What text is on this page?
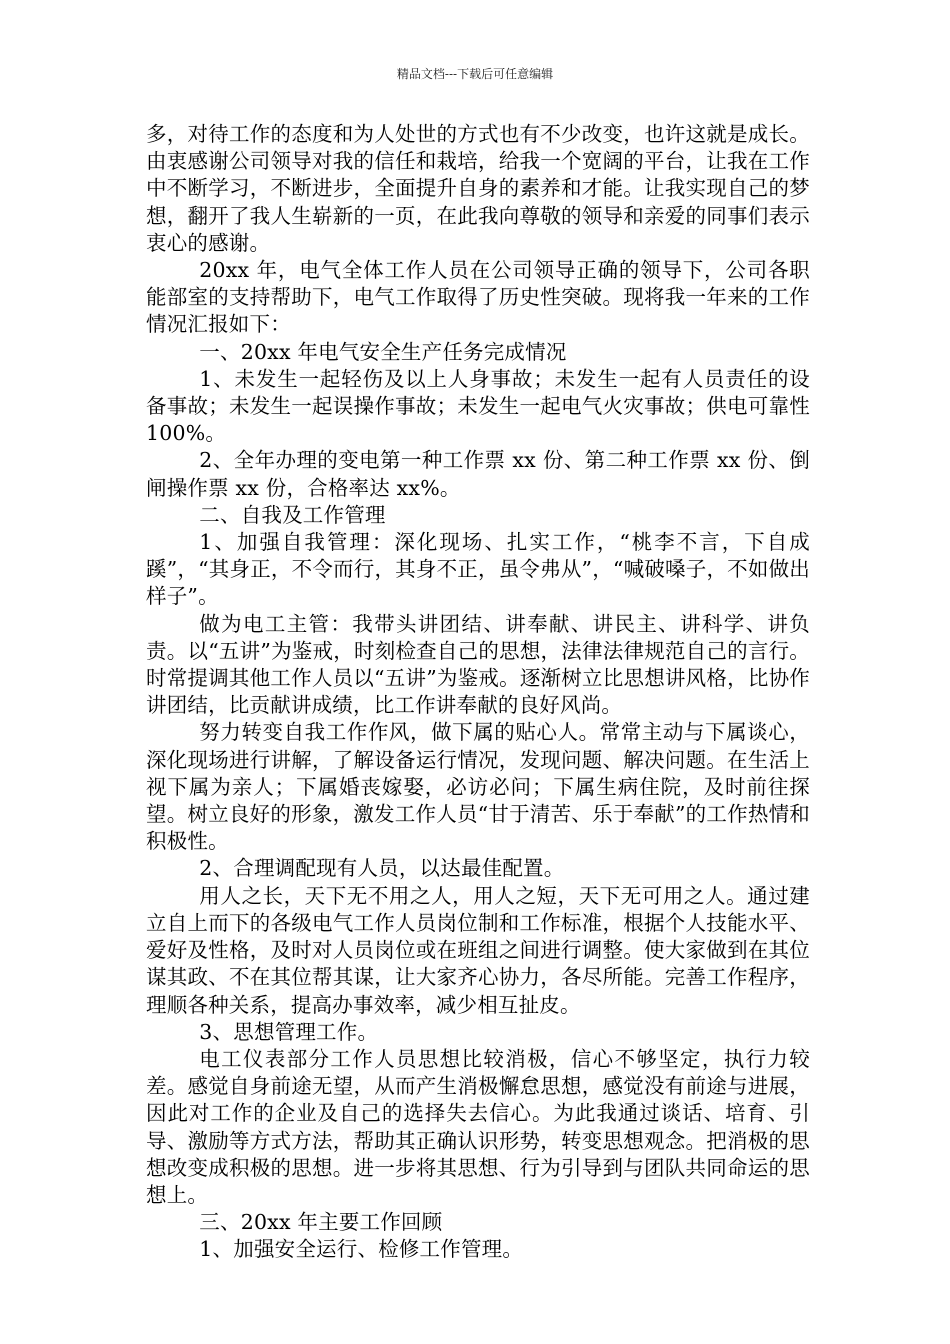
精品文档---下载后可任意编辑

多，对待工作的态度和为人处世的方式也有不少改变，也许这就是成长。由衷感谢公司领导对我的信任和栽培，给我一个宽阔的平台，让我在工作中不断学习，不断进步，全面提升自身的素养和才能。让我实现自己的梦想，翻开了我人生崭新的一页，在此我向尊敬的领导和亲爱的同事们表示衷心的感谢。

20xx 年，电气全体工作人员在公司领导正确的领导下，公司各职能部室的支持帮助下，电气工作取得了历史性突破。现将我一年来的工作情况汇报如下：

一、20xx 年电气安全生产任务完成情况

1、未发生一起轻伤及以上人身事故；未发生一起有人员责任的设备事故；未发生一起误操作事故；未发生一起电气火灾事故；供电可靠性 100%。

2、全年办理的变电第一种工作票 xx 份、第二种工作票 xx 份、倒闸操作票 xx 份，合格率达 xx%。

二、自我及工作管理

1、加强自我管理：深化现场、扎实工作，“桃李不言，下自成蹊”，“其身正，不令而行，其身不正，虽令弗从”，“喊破嗓子，不如做出样子”。

做为电工主管：我带头讲团结、讲奉献、讲民主、讲科学、讲负责。以“五讲”为鉴戒，时刻检查自己的思想，法律法律规范自己的言行。时常提调其他工作人员以“五讲”为鉴戒。逐渐树立比思想讲风格，比协作讲团结，比贡献讲成绩，比工作讲奉献的良好风尚。

努力转变自我工作作风，做下属的贴心人。常常主动与下属谈心，深化现场进行讲解，了解设备运行情况，发现问题、解决问题。在生活上视下属为亲人；下属婚丧嫁娶，必访必问；下属生病住院，及时前往探望。树立良好的形象，激发工作人员“甘于清苦、乐于奉献”的工作热情和积极性。

2、合理调配现有人员，以达最佳配置。

用人之长，天下无不用之人，用人之短，天下无可用之人。通过建立自上而下的各级电气工作人员岗位制和工作标准，根据个人技能水平、爱好及性格，及时对人员岗位或在班组之间进行调整。使大家做到在其位谋其政、不在其位帮其谋，让大家齐心协力，各尽所能。完善工作程序，理顺各种关系，提高办事效率，减少相互扯皮。

3、思想管理工作。

电工仪表部分工作人员思想比较消极，信心不够坚定，执行力较差。感觉自身前途无望，从而产生消极懈怠思想，感觉没有前途与进展，因此对工作的企业及自己的选择失去信心。为此我通过谈话、培育、引导、激励等方式方法，帮助其正确认识形势，转变思想观念。把消极的思想改变成积极的思想。进一步将其思想、行为引导到与团队共同命运的思想上。

三、20xx 年主要工作回顾

1、加强安全运行、检修工作管理。
